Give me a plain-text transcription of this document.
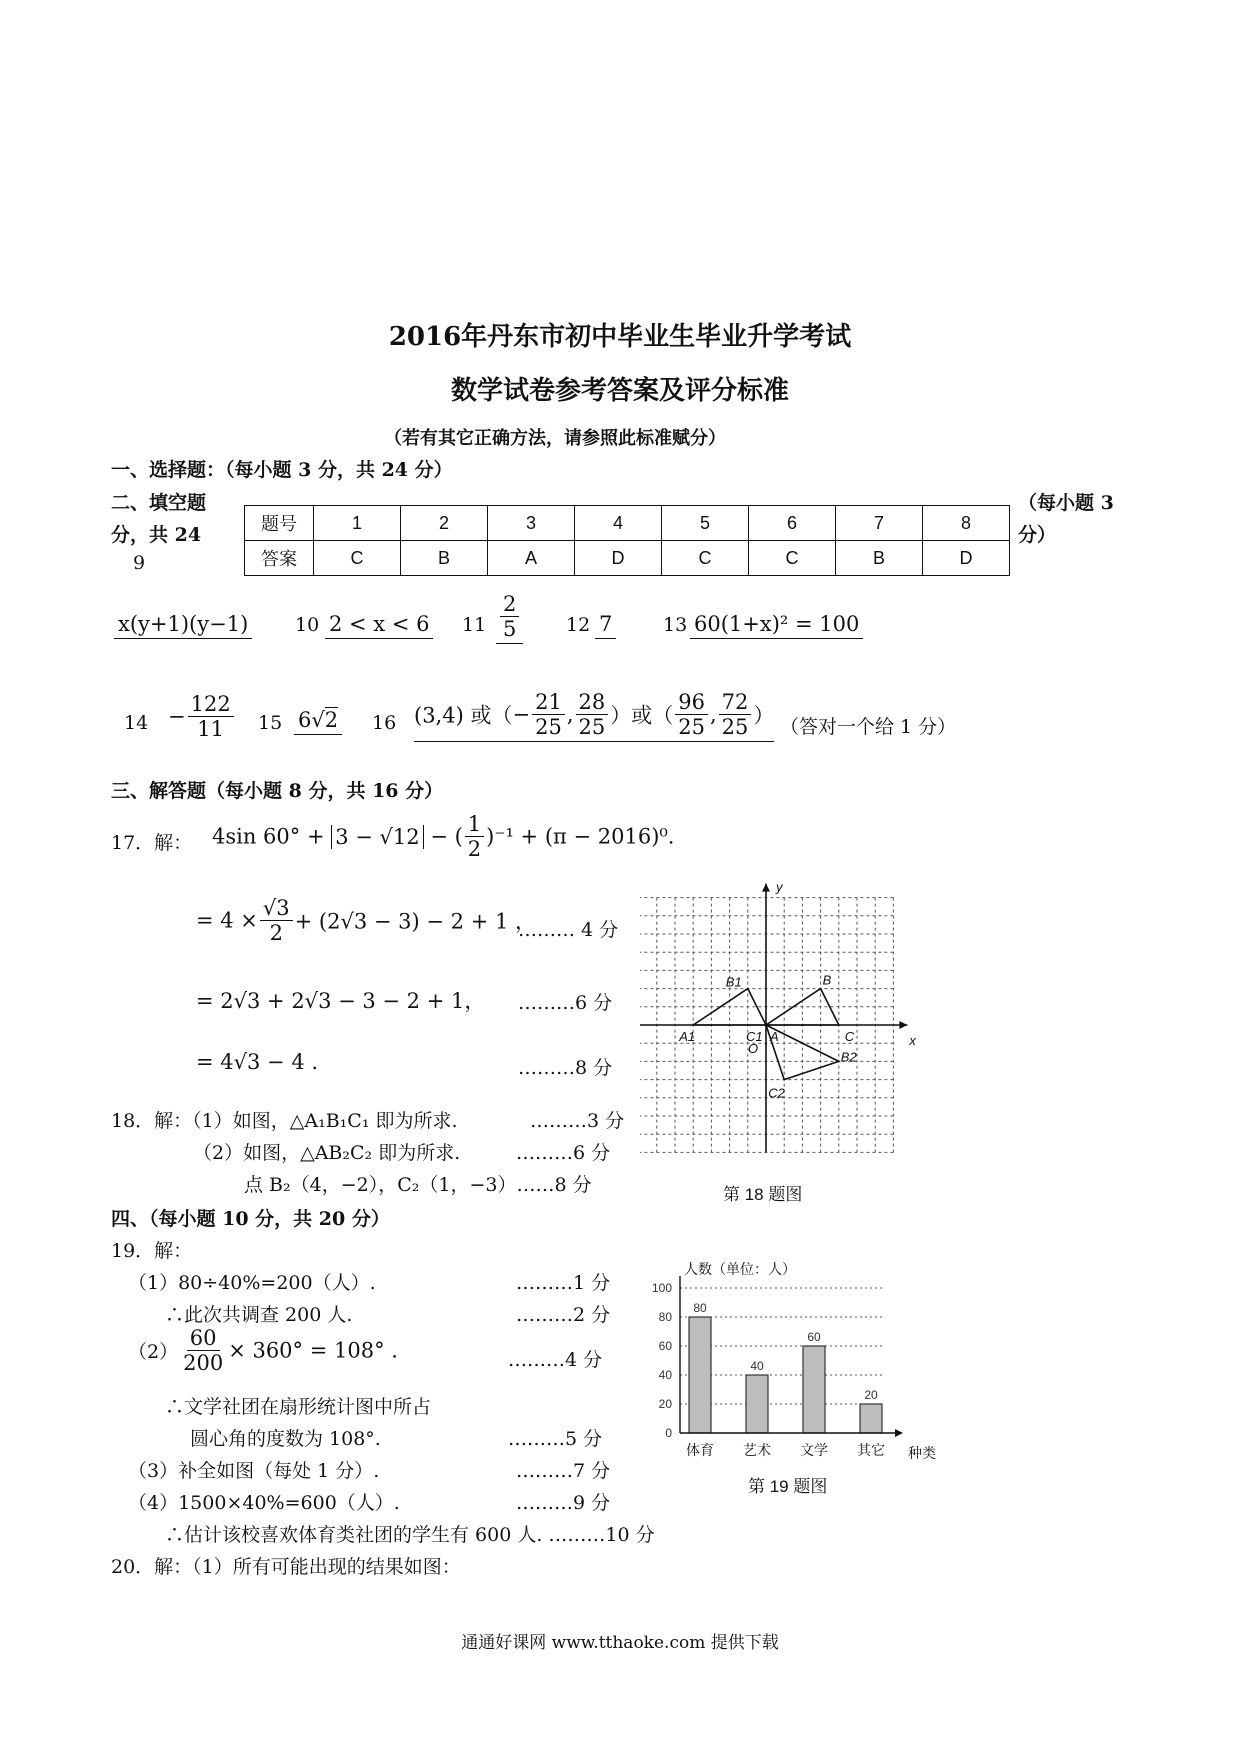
2016年丹东市初中毕业生毕业升学考试
数学试卷参考答案及评分标准
（若有其它正确方法，请参照此标准赋分）
一、选择题：（每小题 3 分，共 24 分）
二、填空题
分，共 24
9
（每小题 3
分）
题号	1	2	3	4	5	6	7	8
答案	C	B	A	D	C	C	B	D
x(y+1)(y−1) 10 2 < x < 6 $11 \frac{2}{5} 12$ 7	13 60(1+x)² = 100
$14 - \frac{122}{11} 15$ 6√2 16 (3,4) 或（− $\frac{21}{25}$ , $\frac{28}{25}$ ）或（ $\frac{96}{25}$ , $\frac{72}{25}$ ） （答对一个给 1 分）
三、解答题（每小题 8 分，共 16 分）
17．解： 4sin 60° + 3 − √12 − ( $\frac{1}{2} )^{-1} + (\pi - 2016)^0$.
= $4 \times \frac{√3}{2} + (2√3 - 3) - 2 + 1$ ，
……… 4 分
= 2√3 + 2√3 − 3 − 2 + 1， ………6 分
= 4√3 − 4 .	………8 分
18．解：（1）如图，△A₁B₁C₁ 即为所求.	………3 分
（2）如图，△AB₂C₂ 即为所求.	………6 分
点 B₂（4，−2），C₂（1，−3）……8 分
A
B
C
A1
B1
C1
B2
C2
O
y
x
第 18 题图
四、（每小题 10 分，共 20 分）
19．解：
（1）80÷40%=200（人）.	………1 分
∴此次共调查 200 人.	………2 分
$(2) \frac{60}{200} \times 360^\circ = 108^\circ$ .	………4 分
∴文学社团在扇形统计图中所占
圆心角的度数为 108°.	………5 分
（3）补全如图（每处 1 分）.	………7 分
（4）1500×40%=600（人）.	………9 分
∴估计该校喜欢体育类社团的学生有 600 人. ………10 分
人数（单位：人）
0
20
40
60
80
100
80
40
60
20
体育 艺术 文学 其它 种类
第 19 题图
20．解：（1）所有可能出现的结果如图：
通通好课网 www.tthaoke.com 提供下载
